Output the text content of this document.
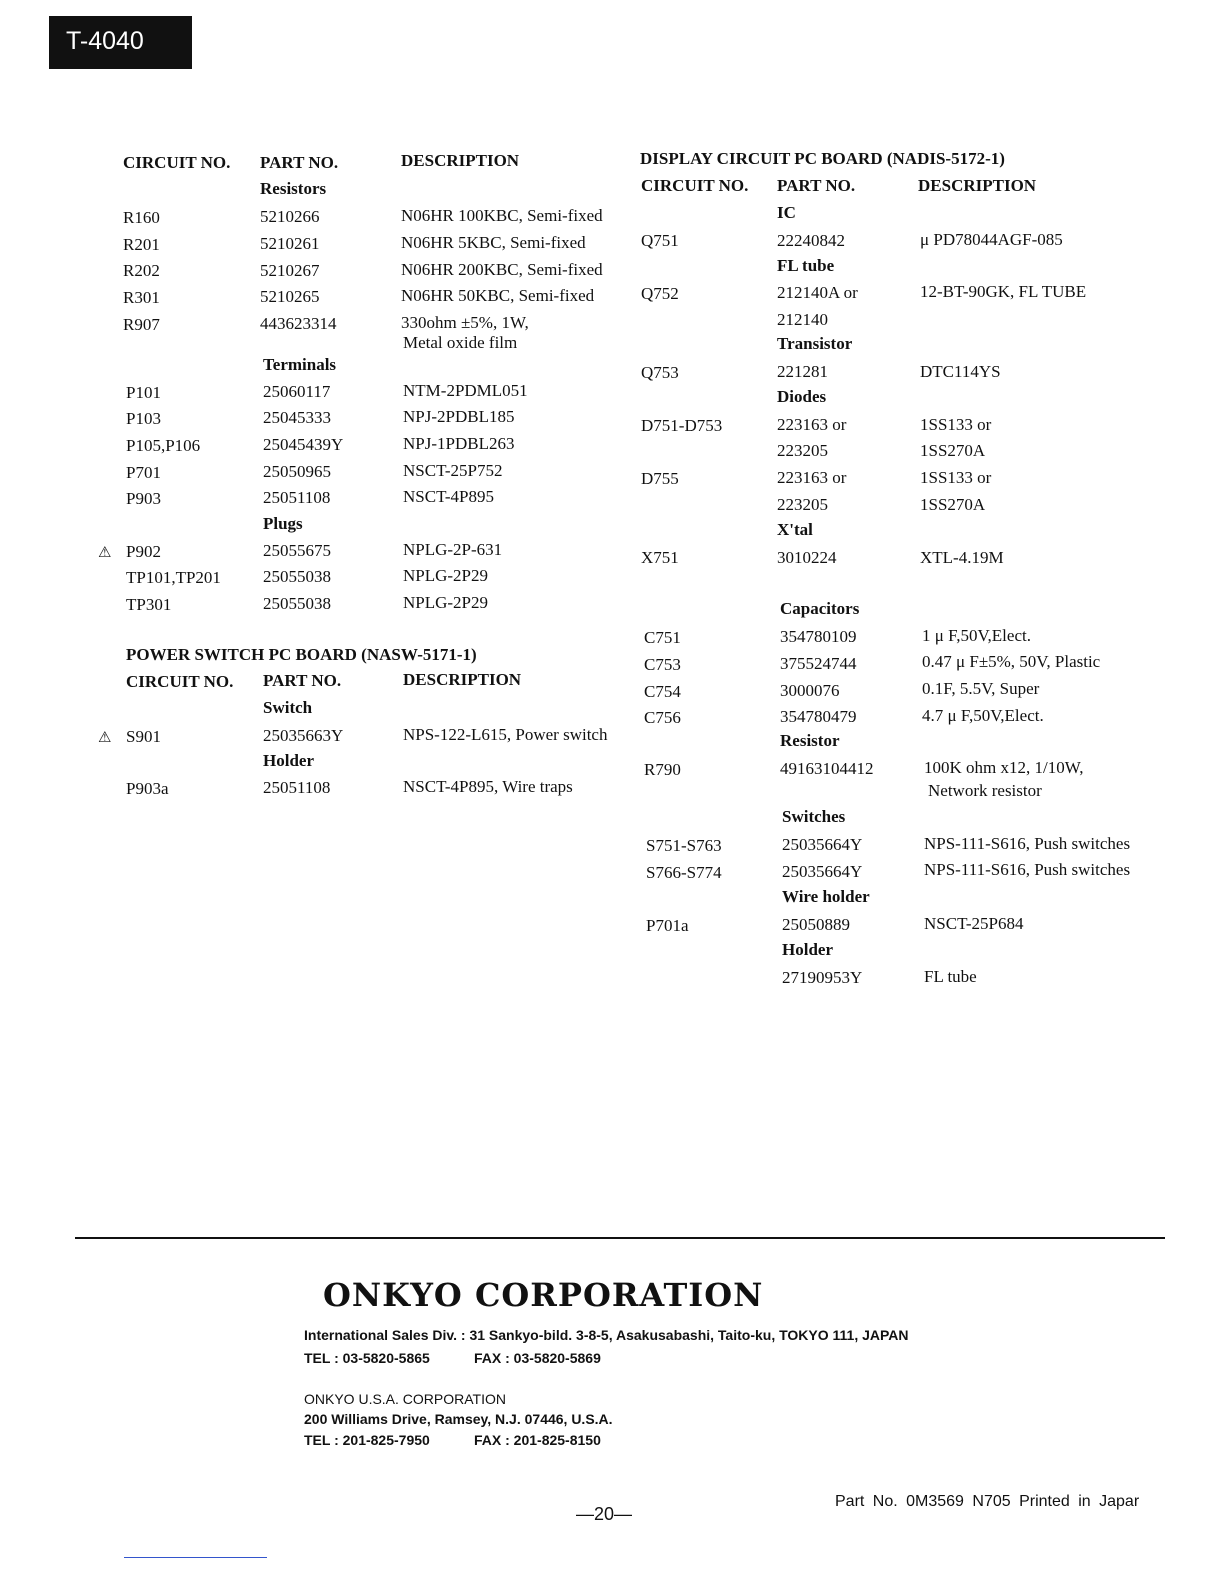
T-4040
CIRCUIT NO. PART NO.	DESCRIPTION
Resistors
R160	5210266	N06HR 100KBC, Semi-fixed
R201	5210261	N06HR 5KBC, Semi-fixed
R202	5210267	N06HR 200KBC, Semi-fixed
R301	5210265	N06HR 50KBC, Semi-fixed
R907	443623314	330ohm ±5%, 1W,
Metal oxide film
Terminals
P101	25060117	NTM-2PDML051
P103	25045333	NPJ-2PDBL185
P105,P106	25045439Y	NPJ-1PDBL263
P701	25050965	NSCT-25P752
P903	25051108	NSCT-4P895
Plugs
⚠ P902	25055675	NPLG-2P-631
TP101,TP201 25055038	NPLG-2P29
TP301	25055038	NPLG-2P29
POWER SWITCH PC BOARD (NASW-5171-1)
CIRCUIT NO. PART NO.	DESCRIPTION
Switch
⚠ S901	25035663Y	NPS-122-L615, Power switch
Holder
P903a	25051108	NSCT-4P895, Wire traps
DISPLAY CIRCUIT PC BOARD (NADIS-5172-1)
CIRCUIT NO. PART NO.	DESCRIPTION
IC
Q751	22240842	μ PD78044AGF-085
FL tube
Q752	212140A or	12-BT-90GK, FL TUBE
212140
Transistor
Q753	221281	DTC114YS
Diodes
D751-D753	223163 or	1SS133 or
223205	1SS270A
D755	223163 or	1SS133 or
223205	1SS270A
X'tal
X751	3010224	XTL-4.19M
Capacitors
C751	354780109	1 μ F,50V,Elect.
C753	375524744	0.47 μ F±5%, 50V, Plastic
C754	3000076	0.1F, 5.5V, Super
C756	354780479	4.7 μ F,50V,Elect.
Resistor
R790	49163104412	100K ohm x12, 1/10W,
Network resistor
Switches
S751-S763	25035664Y	NPS-111-S616, Push switches
S766-S774	25035664Y	NPS-111-S616, Push switches
Wire holder
P701a	25050889	NSCT-25P684
Holder
27190953Y	FL tube
ONKYO CORPORATION
International Sales Div. : 31 Sankyo-bild. 3-8-5, Asakusabashi, Taito-ku, TOKYO 111, JAPAN
TEL : 03-5820-5865	FAX : 03-5820-5869
ONKYO U.S.A. CORPORATION
200 Williams Drive, Ramsey, N.J. 07446, U.S.A.
TEL : 201-825-7950	FAX : 201-825-8150
—20—
Part No. 0M3569 N705 Printed in Japar
